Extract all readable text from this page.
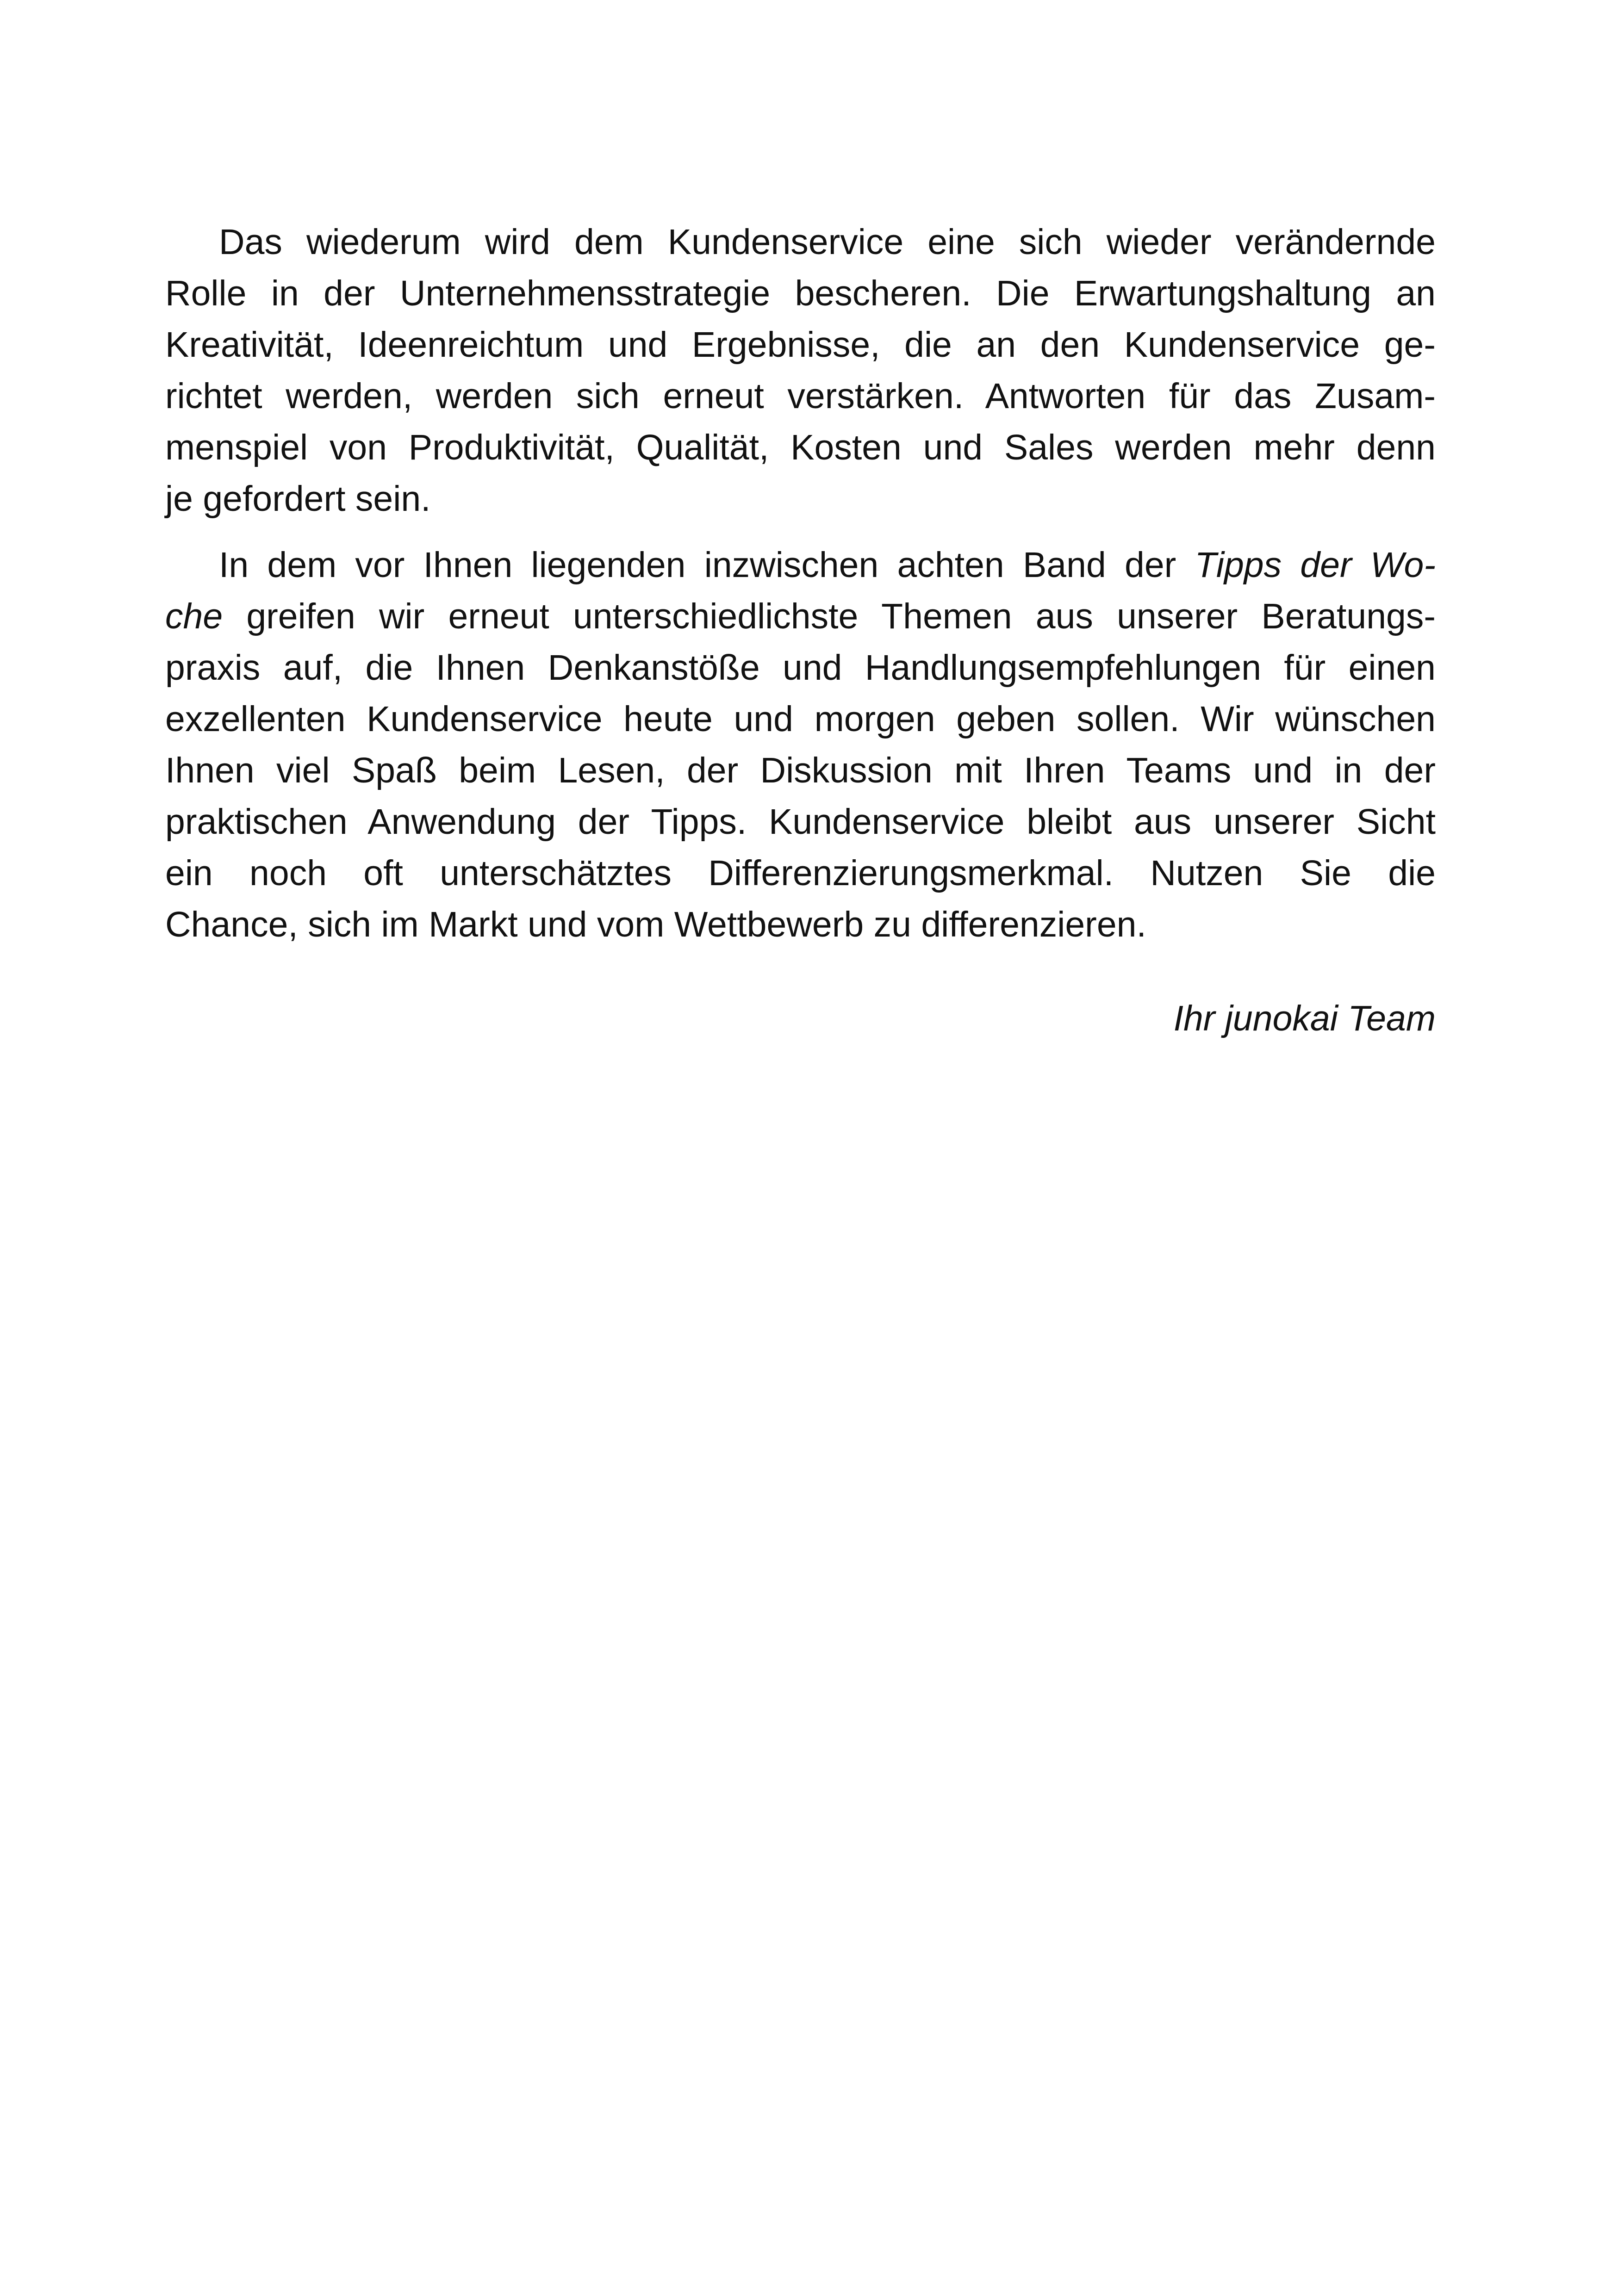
Das wiederum wird dem Kundenservice eine sich wieder verändernde
Rolle in der Unternehmensstrategie bescheren. Die Erwartungshaltung an
Kreativität, Ideenreichtum und Ergebnisse, die an den Kundenservice ge-
richtet werden, werden sich erneut verstärken. Antworten für das Zusam-
menspiel von Produktivität, Qualität, Kosten und Sales werden mehr denn
je gefordert sein.

In dem vor Ihnen liegenden inzwischen achten Band der Tipps der Wo-
che greifen wir erneut unterschiedlichste Themen aus unserer Beratungs-
praxis auf, die Ihnen Denkanstöße und Handlungsempfehlungen für einen
exzellenten Kundenservice heute und morgen geben sollen. Wir wünschen
Ihnen viel Spaß beim Lesen, der Diskussion mit Ihren Teams und in der
praktischen Anwendung der Tipps. Kundenservice bleibt aus unserer Sicht
ein noch oft unterschätztes Differenzierungsmerkmal. Nutzen Sie die
Chance, sich im Markt und vom Wettbewerb zu differenzieren.

Ihr junokai Team
